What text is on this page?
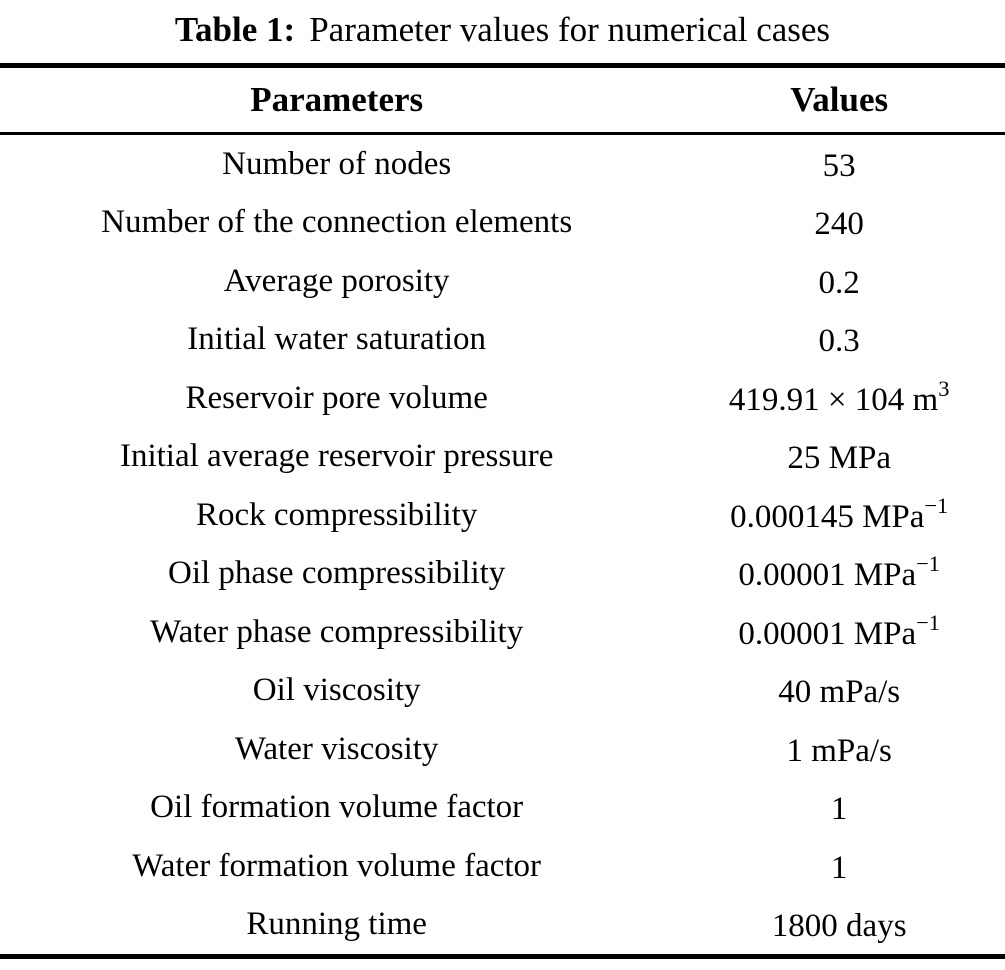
Table 1: Parameter values for numerical cases
Parameters	Values
Number of nodes	53
Number of the connection elements	240
Average porosity	0.2
Initial water saturation	0.3
Reservoir pore volume	419.91 × 104 $m^3$
Initial average reservoir pressure	25 MPa
Rock compressibility	0.000145 MPa$^{-1}$
Oil phase compressibility	0.00001 MPa$^{-1}$
Water phase compressibility	0.00001 MPa$^{-1}$
Oil viscosity	40 mPa/s
Water viscosity	1 mPa/s
Oil formation volume factor	1
Water formation volume factor	1
Running time	1800 days
